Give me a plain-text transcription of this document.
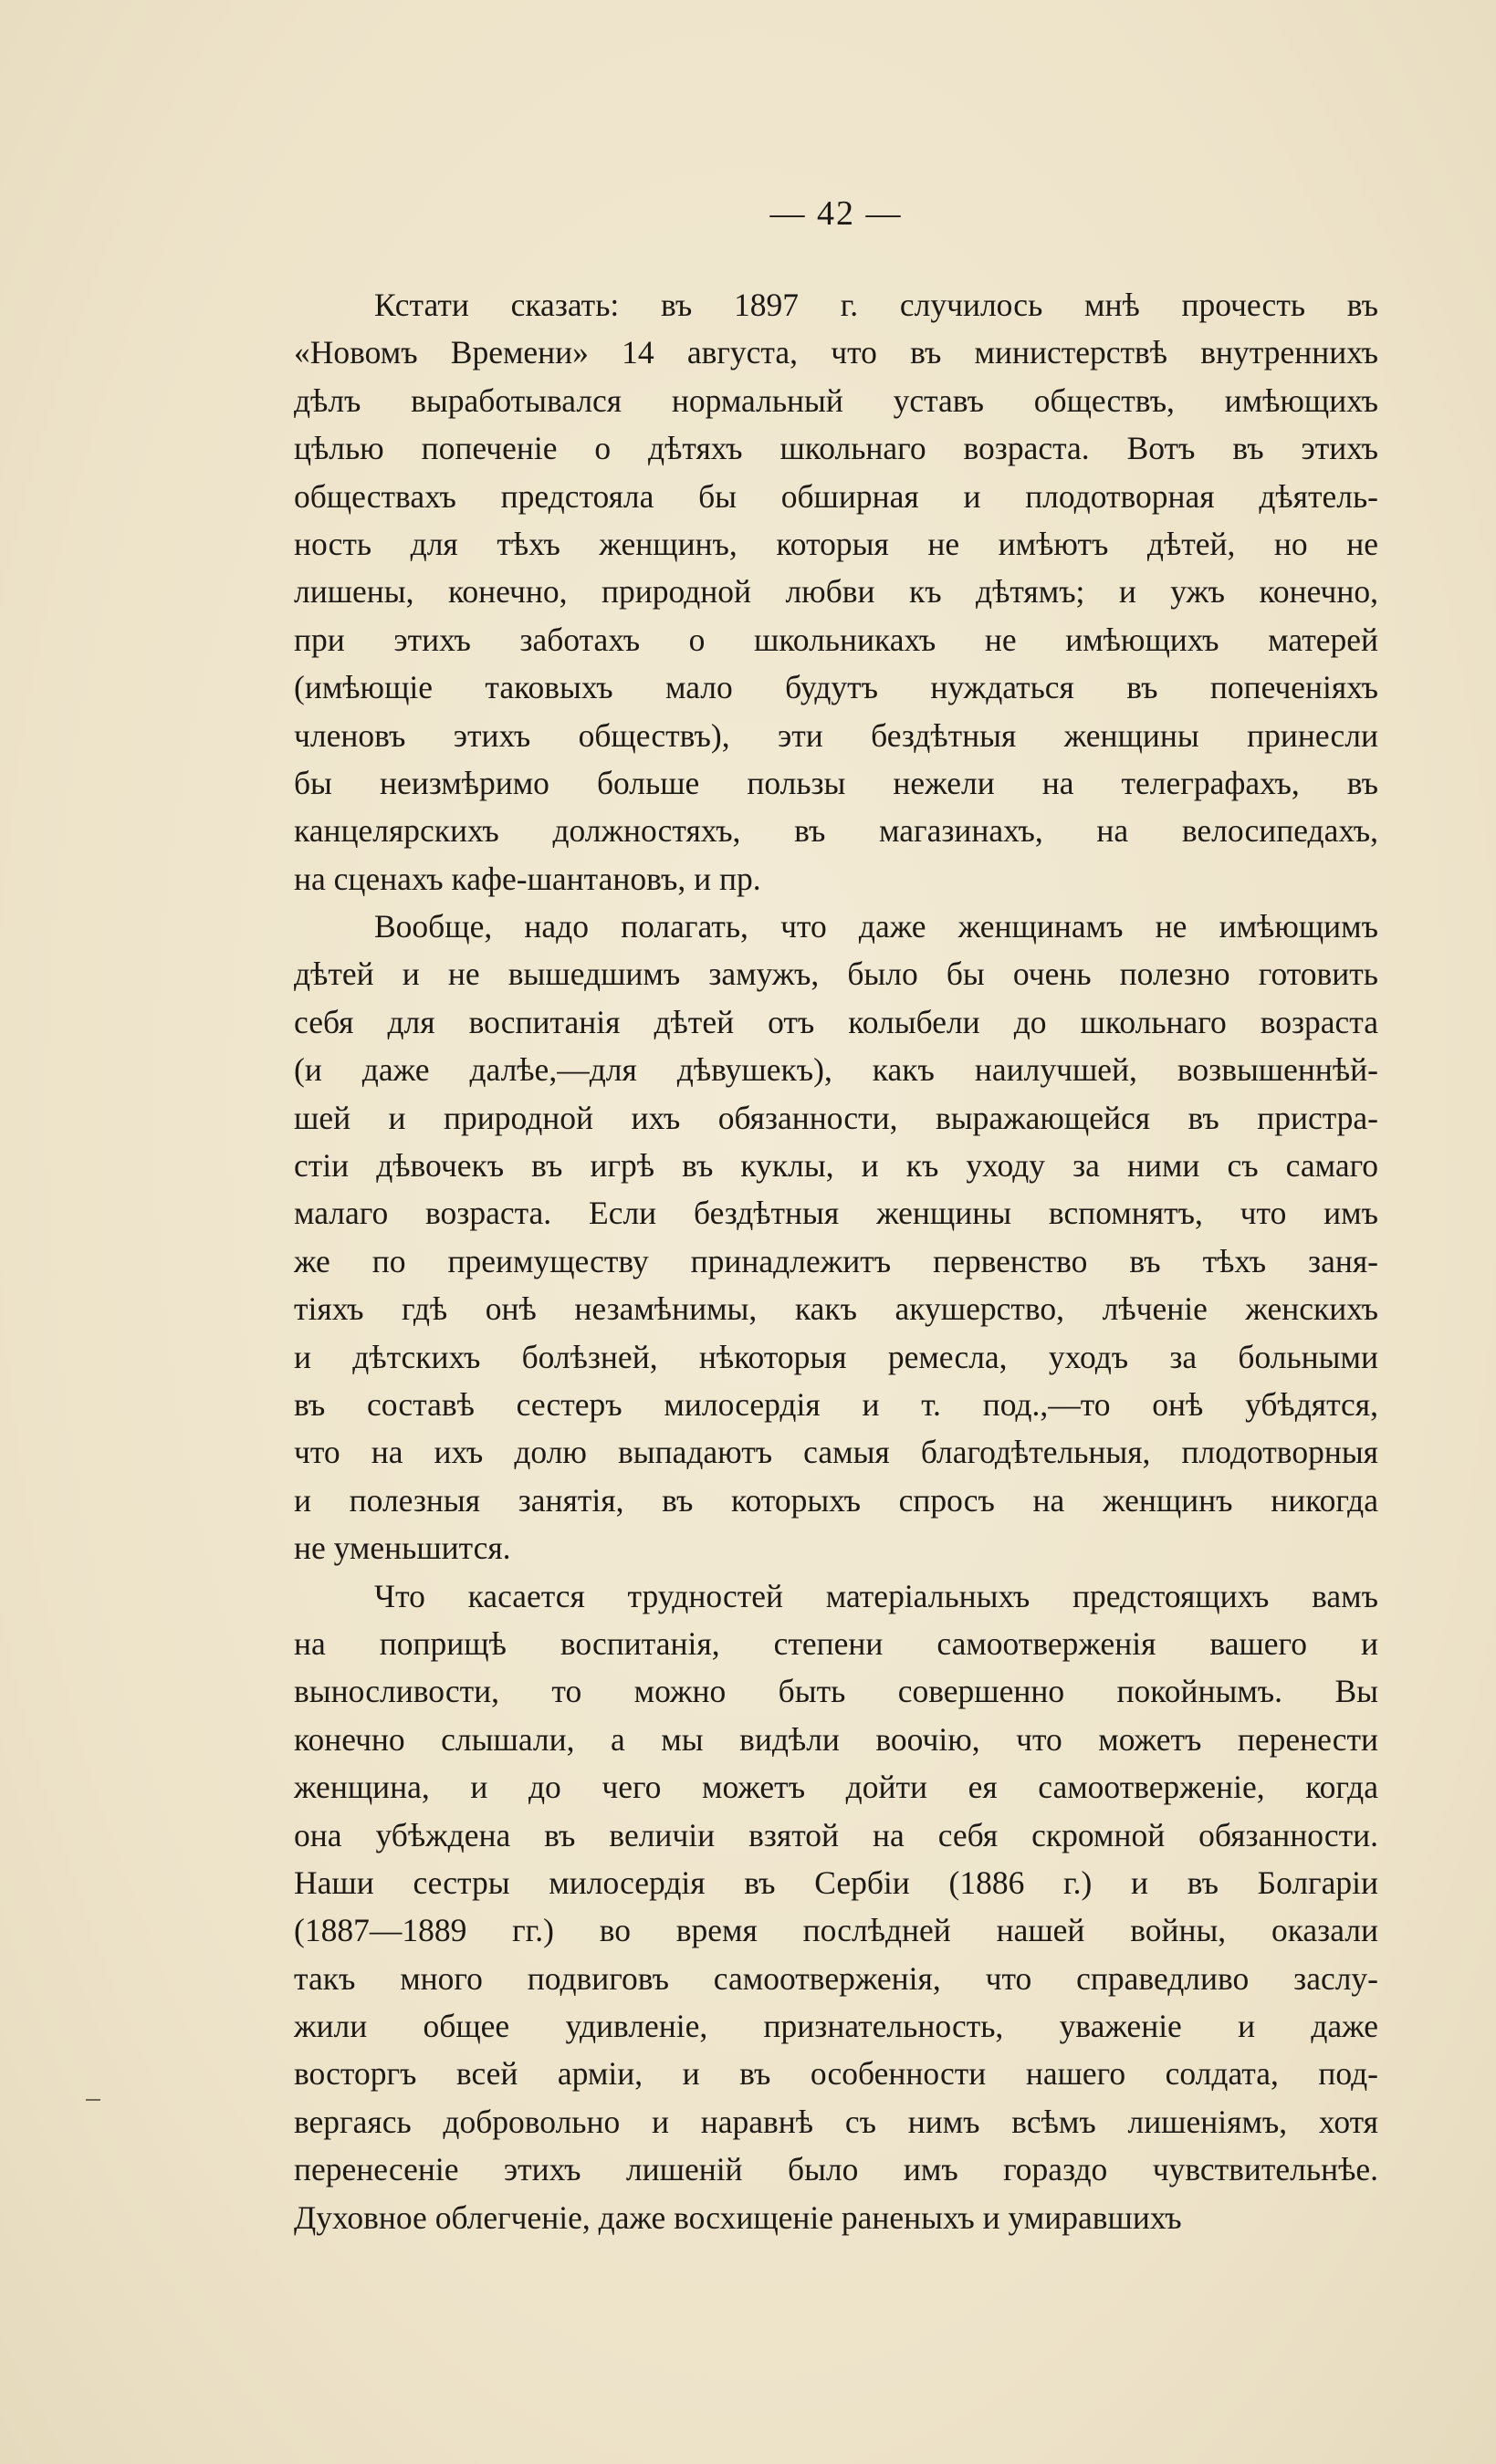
— 42 —
Кстати сказать: въ 1897 г. случилось мнѣ прочесть въ
«Новомъ Времени» 14 августа, что въ министерствѣ внутреннихъ
дѣлъ выработывался нормальный уставъ обществъ, имѣющихъ
цѣлью попеченіе о дѣтяхъ школьнаго возраста. Вотъ въ этихъ
обществахъ предстояла бы обширная и плодотворная дѣятель-
ность для тѣхъ женщинъ, которыя не имѣютъ дѣтей, но не
лишены, конечно, природной любви къ дѣтямъ; и ужъ конечно,
при этихъ заботахъ о школьникахъ не имѣющихъ матерей
(имѣющіе таковыхъ мало будутъ нуждаться въ попеченіяхъ
членовъ этихъ обществъ), эти бездѣтныя женщины принесли
бы неизмѣримо больше пользы нежели на телеграфахъ, въ
канцелярскихъ должностяхъ, въ магазинахъ, на велосипедахъ,
на сценахъ кафе-шантановъ, и пр.
Вообще, надо полагать, что даже женщинамъ не имѣющимъ
дѣтей и не вышедшимъ замужъ, было бы очень полезно готовить
себя для воспитанія дѣтей отъ колыбели до школьнаго возраста
(и даже далѣе,—для дѣвушекъ), какъ наилучшей, возвышеннѣй-
шей и природной ихъ обязанности, выражающейся въ пристра-
стіи дѣвочекъ въ игрѣ въ куклы, и къ уходу за ними съ самаго
малаго возраста. Если бездѣтныя женщины вспомнятъ, что имъ
же по преимуществу принадлежитъ первенство въ тѣхъ заня-
тіяхъ гдѣ онѣ незамѣнимы, какъ акушерство, лѣченіе женскихъ
и дѣтскихъ болѣзней, нѣкоторыя ремесла, уходъ за больными
въ составѣ сестеръ милосердія и т. под.,—то онѣ убѣдятся,
что на ихъ долю выпадаютъ самыя благодѣтельныя, плодотворныя
и полезныя занятія, въ которыхъ спросъ на женщинъ никогда
не уменьшится.
Что касается трудностей матеріальныхъ предстоящихъ вамъ
на поприщѣ воспитанія, степени самоотверженія вашего и
выносливости, то можно быть совершенно покойнымъ. Вы
конечно слышали, а мы видѣли воочію, что можетъ перенести
женщина, и до чего можетъ дойти ея самоотверженіе, когда
она убѣждена въ величіи взятой на себя скромной обязанности.
Наши сестры милосердія въ Сербіи (1886 г.) и въ Болгаріи
(1887—1889 гг.) во время послѣдней нашей войны, оказали
такъ много подвиговъ самоотверженія, что справедливо заслу-
жили общее удивленіе, признательность, уваженіе и даже
восторгъ всей арміи, и въ особенности нашего солдата, под-
вергаясь добровольно и наравнѣ съ нимъ всѣмъ лишеніямъ, хотя
перенесеніе этихъ лишеній было имъ гораздо чувствительнѣе.
Духовное облегченіе, даже восхищеніе раненыхъ и умиравшихъ
